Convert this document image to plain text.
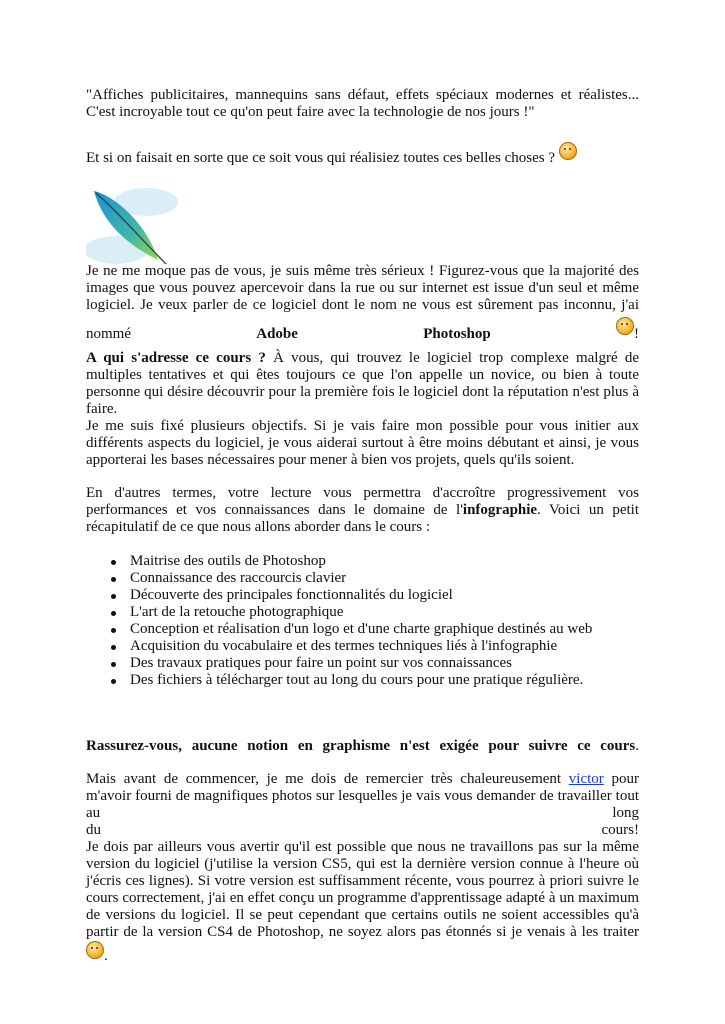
"Affiches publicitaires, mannequins sans défaut, effets spéciaux modernes et réalistes... C'est incroyable tout ce qu'on peut faire avec la technologie de nos jours !"

Et si on faisait en sorte que ce soit vous qui réalisiez toutes ces belles choses ?

Je ne me moque pas de vous, je suis même très sérieux ! Figurez-vous que la majorité des images que vous pouvez apercevoir dans la rue ou sur internet est issue d'un seul et même logiciel. Je veux parler de ce logiciel dont le nom ne vous est sûrement pas inconnu, j'ai

nommé	Adobe	Photoshop	!

A qui s'adresse ce cours ? À vous, qui trouvez le logiciel trop complexe malgré de multiples tentatives et qui êtes toujours ce que l'on appelle un novice, ou bien à toute personne qui désire découvrir pour la première fois le logiciel dont la réputation n'est plus à faire.

Je me suis fixé plusieurs objectifs. Si je vais faire mon possible pour vous initier aux différents aspects du logiciel, je vous aiderai surtout à être moins débutant et ainsi, je vous apporterai les bases nécessaires pour mener à bien vos projets, quels qu'ils soient.

En d'autres termes, votre lecture vous permettra d'accroître progressivement vos performances et vos connaissances dans le domaine de l'infographie. Voici un petit récapitulatif de ce que nous allons aborder dans le cours :

Maitrise des outils de Photoshop
Connaissance des raccourcis clavier
Découverte des principales fonctionnalités du logiciel
L'art de la retouche photographique
Conception et réalisation d'un logo et d'une charte graphique destinés au web
Acquisition du vocabulaire et des termes techniques liés à l'infographie
Des travaux pratiques pour faire un point sur vos connaissances
Des fichiers à télécharger tout au long du cours pour une pratique régulière.

Rassurez-vous, aucune notion en graphisme n'est exigée pour suivre ce cours.

Mais avant de commencer, je me dois de remercier très chaleureusement victor pour m'avoir fourni de magnifiques photos sur lesquelles je vais vous demander de travailler tout au long

du	cours!

Je dois par ailleurs vous avertir qu'il est possible que nous ne travaillons pas sur la même version du logiciel (j'utilise la version CS5, qui est la dernière version connue à l'heure où j'écris ces lignes). Si votre version est suffisamment récente, vous pourrez à priori suivre le cours correctement, j'ai en effet conçu un programme d'apprentissage adapté à un maximum de versions du logiciel. Il se peut cependant que certains outils ne soient accessibles qu'à partir de la version CS4 de Photoshop, ne soyez alors pas étonnés si je venais à les traiter .
